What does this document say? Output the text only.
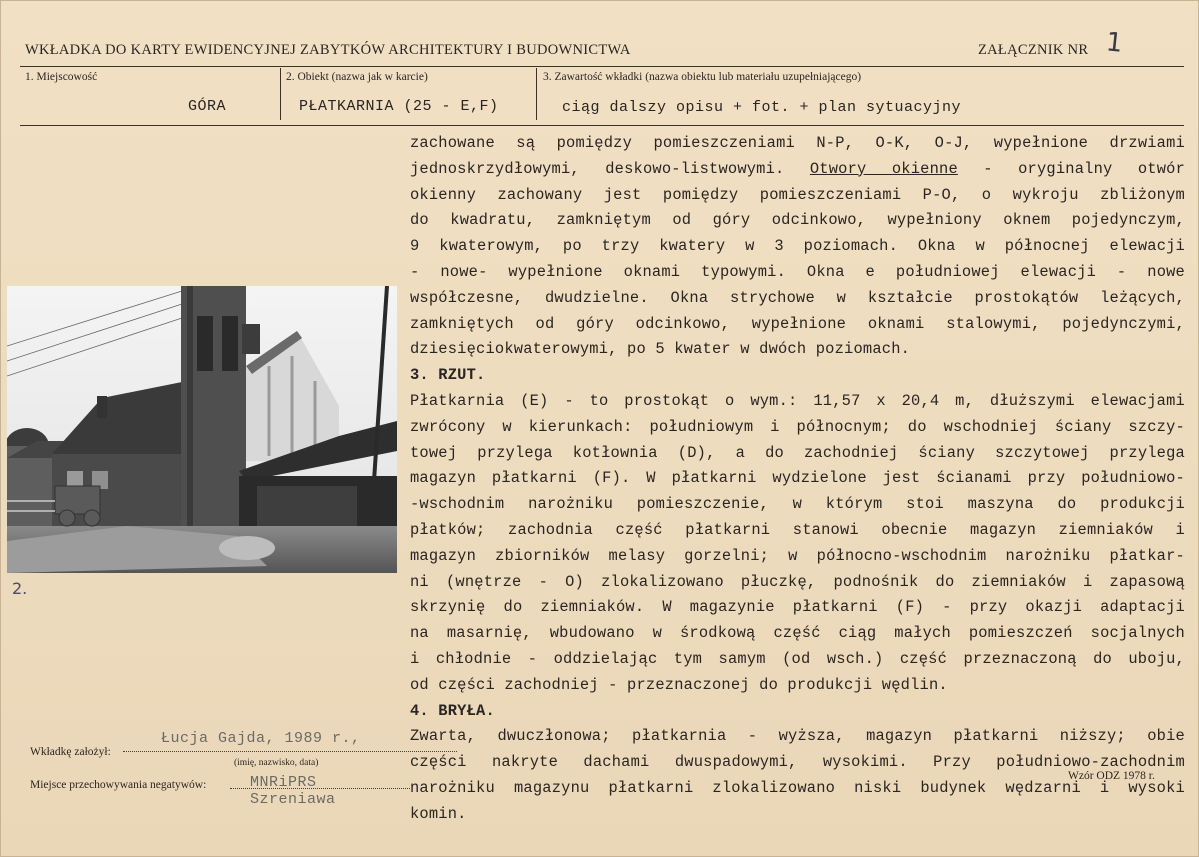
WKŁADKA DO KARTY EWIDENCYJNEJ ZABYTKÓW ARCHITEKTURY I BUDOWNICTWA	ZAŁĄCZNIK NR 1
1. Miejscowość
GÓRA
2. Obiekt (nazwa jak w karcie)
PŁATKARNIA (25 - E,F)
3. Zawartość wkładki (nazwa obiektu lub materiału uzupełniającego)
ciąg dalszy opisu + fot. + plan sytuacyjny
zachowane są pomiędzy pomieszczeniami N-P, O-K, O-J, wypełnione drzwiami
jednoskrzydłowymi, deskowo-listwowymi. Otwory okienne - oryginalny otwór
okienny zachowany jest pomiędzy pomieszczeniami P-O, o wykroju zbliżonym
do kwadratu, zamkniętym od góry odcinkowo, wypełniony oknem pojedynczym,
9 kwaterowym, po trzy kwatery w 3 poziomach. Okna w północnej elewacji
- nowe- wypełnione oknami typowymi. Okna e południowej elewacji - nowe
współczesne, dwudzielne. Okna strychowe w kształcie prostokątów leżących,
zamkniętych od góry odcinkowo, wypełnione oknami stalowymi, pojedynczymi,
dziesięciokwaterowymi, po 5 kwater w dwóch poziomach.
3. RZUT.
Płatkarnia (E) - to prostokąt o wym.: 11,57 x 20,4 m, dłuższymi elewacjami
zwrócony w kierunkach: południowym i północnym; do wschodniej ściany szczy-
towej przylega kotłownia (D), a do zachodniej ściany szczytowej przylega
magazyn płatkarni (F). W płatkarni wydzielone jest ścianami przy południowo-
-wschodnim narożniku pomieszczenie, w którym stoi maszyna do produkcji
płatków; zachodnia część płatkarni stanowi obecnie magazyn ziemniaków i
magazyn zbiorników melasy gorzelni; w północno-wschodnim narożniku płatkar-
ni (wnętrze - O) zlokalizowano płuczkę, podnośnik do ziemniaków i zapasową
skrzynię do ziemniaków. W magazynie płatkarni (F) - przy okazji adaptacji
na masarnię, wbudowano w środkową część ciąg małych pomieszczeń socjalnych
i chłodnie - oddzielając tym samym (od wsch.) część przeznaczoną do uboju,
od części zachodniej - przeznaczonej do produkcji wędlin.
4. BRYŁA.
Zwarta, dwuczłonowa; płatkarnia - wyższa, magazyn płatkarni niższy; obie
części nakryte dachami dwuspadowymi, wysokimi. Przy południowo-zachodnim
narożniku magazynu płatkarni zlokalizowano niski budynek wędzarni i wysoki
komin.
2.
Łucja Gajda, 1989 r.,
Wkładkę założył:
(imię, nazwisko, data)
MNRiPRS
Miejsce przechowywania negatywów:
Szreniawa
Wzór ODZ 1978 r.
